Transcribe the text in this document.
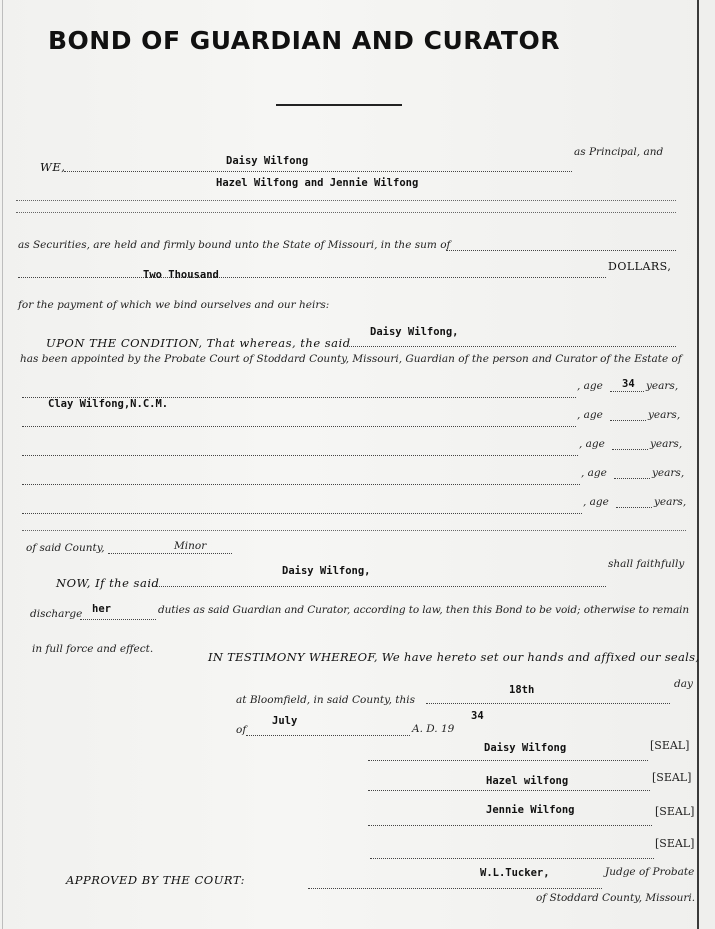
BOND OF GUARDIAN AND CURATOR
WE,	Daisy Wilfong
as Principal, and
Hazel Wilfong and Jennie Wilfong
as Securities, are held and firmly bound unto the State of Missouri, in the sum of
Two Thousand
DOLLARS,
for the payment of which we bind ourselves and our heirs:
UPON THE CONDITION, That whereas, the said
Daisy Wilfong,
has been appointed by the Probate Court of Stoddard County, Missouri, Guardian of the person and Curator of the Estate of
Clay Wilfong,N.C.M.
, age 34 years,
, age	years,
, age	years,
, age	years,
, age	years,
of said County,	Minor
NOW, If the said
Daisy Wilfong,
shall faithfully
discharge her	duties as said Guardian and Curator, according to law, then this Bond to be void; otherwise to remain
in full force and effect.
IN TESTIMONY WHEREOF, We have hereto set our hands and affixed our seals,
at Bloomfield, in said County, this
18th	day
of
July
A. D. 19
34
Daisy Wilfong	[SEAL]
Hazel wilfong	[SEAL]
Jennie Wilfong	[SEAL]
[SEAL]
APPROVED BY THE COURT:	W.L.Tucker,	Judge of Probate
of Stoddard County, Missouri.
